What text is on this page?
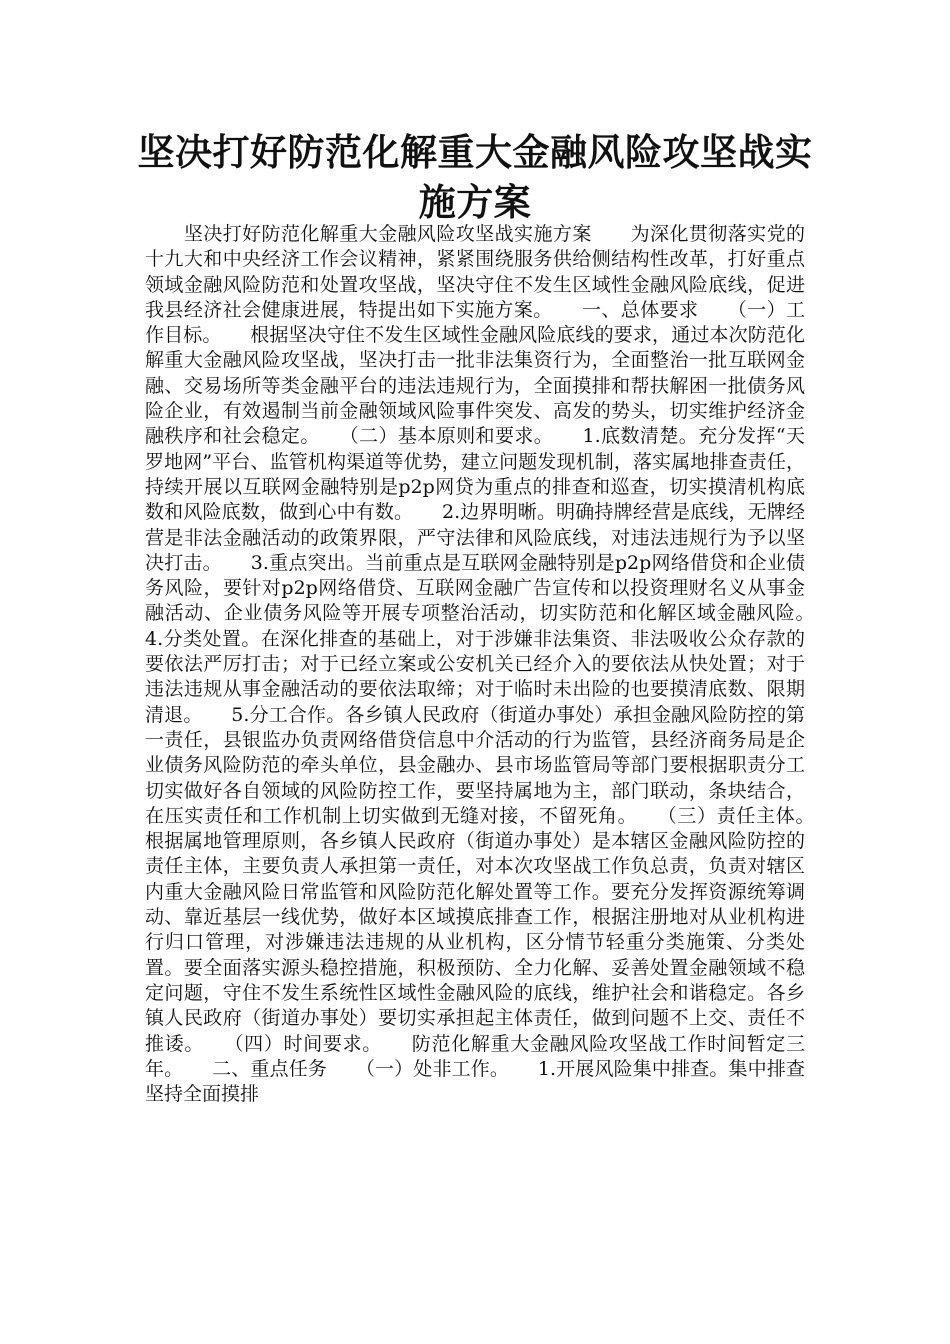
坚决打好防范化解重大金融风险攻坚战实施方案

　　坚决打好防范化解重大金融风险攻坚战实施方案　　为深化贯彻落实党的十九大和中央经济工作会议精神，紧紧围绕服务供给侧结构性改革，打好重点领域金融风险防范和处置攻坚战，坚决守住不发生区域性金融风险底线，促进我县经济社会健康进展，特提出如下实施方案。　　一、总体要求　　（一）工作目标。　　根据坚决守住不发生区域性金融风险底线的要求，通过本次防范化解重大金融风险攻坚战，坚决打击一批非法集资行为，全面整治一批互联网金融、交易场所等类金融平台的违法违规行为，全面摸排和帮扶解困一批债务风险企业，有效遏制当前金融领域风险事件突发、高发的势头，切实维护经济金融秩序和社会稳定。　　（二）基本原则和要求。　　1.底数清楚。充分发挥“天罗地网”平台、监管机构渠道等优势，建立问题发现机制，落实属地排查责任，持续开展以互联网金融特别是p2p网贷为重点的排查和巡查，切实摸清机构底数和风险底数，做到心中有数。　　2.边界明晰。明确持牌经营是底线，无牌经营是非法金融活动的政策界限，严守法律和风险底线，对违法违规行为予以坚决打击。　　3.重点突出。当前重点是互联网金融特别是p2p网络借贷和企业债务风险，要针对p2p网络借贷、互联网金融广告宣传和以投资理财名义从事金融活动、企业债务风险等开展专项整治活动，切实防范和化解区域金融风险。　　4.分类处置。在深化排查的基础上，对于涉嫌非法集资、非法吸收公众存款的要依法严厉打击；对于已经立案或公安机关已经介入的要依法从快处置；对于违法违规从事金融活动的要依法取缔；对于临时未出险的也要摸清底数、限期清退。　　5.分工合作。各乡镇人民政府（街道办事处）承担金融风险防控的第一责任，县银监办负责网络借贷信息中介活动的行为监管，县经济商务局是企业债务风险防范的牵头单位，县金融办、县市场监管局等部门要根据职责分工切实做好各自领域的风险防控工作，要坚持属地为主，部门联动，条块结合，在压实责任和工作机制上切实做到无缝对接，不留死角。　　（三）责任主体。　　根据属地管理原则，各乡镇人民政府（街道办事处）是本辖区金融风险防控的责任主体，主要负责人承担第一责任，对本次攻坚战工作负总责，负责对辖区内重大金融风险日常监管和风险防范化解处置等工作。要充分发挥资源统筹调动、靠近基层一线优势，做好本区域摸底排查工作，根据注册地对从业机构进行归口管理，对涉嫌违法违规的从业机构，区分情节轻重分类施策、分类处置。要全面落实源头稳控措施，积极预防、全力化解、妥善处置金融领域不稳定问题，守住不发生系统性区域性金融风险的底线，维护社会和谐稳定。各乡镇人民政府（街道办事处）要切实承担起主体责任，做到问题不上交、责任不推诿。　　（四）时间要求。　　防范化解重大金融风险攻坚战工作时间暂定三年。　　二、重点任务　　（一）处非工作。　　1.开展风险集中排查。集中排查坚持全面摸排
